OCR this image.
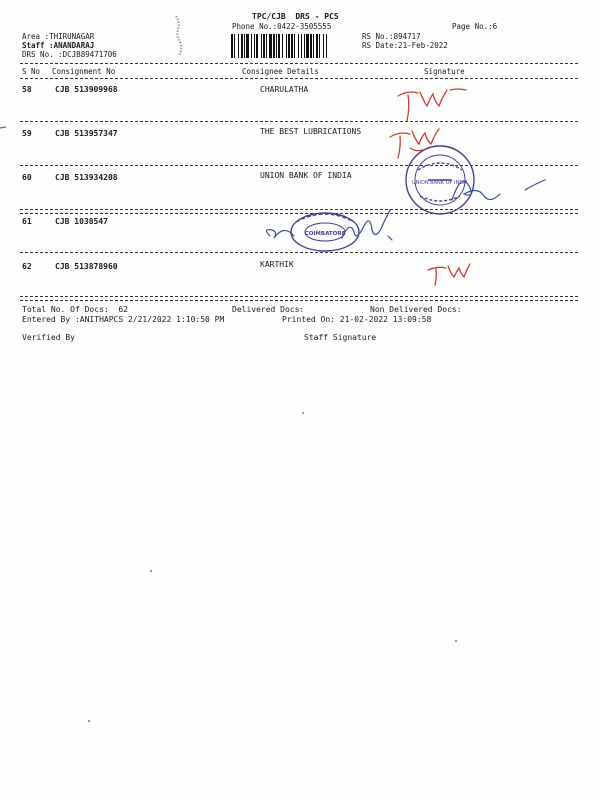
TPC/CJB  DRS - PCS
Phone No.:0422-3505555	Page No.:6
Area :THIRUNAGAR
Staff :ANANDARAJ
DRS No. :DCJB89471706
RS No.:894717
RS Date:21-Feb-2022
S No Consignment No	Consignee Details	Signature
58	CJB 513909968	CHARULATHA
59	CJB 513957347	THE BEST LUBRICATIONS
60	CJB 513934208	UNION BANK OF INDIA
61	CJB 1038547
62	CJB 513878960	KARTHIK
Total No. Of Docs:  62	Delivered Docs:	Non Delivered Docs:
Entered By :ANITHAPCS 2/21/2022 1:10:50 PM	Printed On: 21-02-2022 13:09:58
Verified By	Staff Signature
UNION BANK OF INDIA
COIMBATORE
